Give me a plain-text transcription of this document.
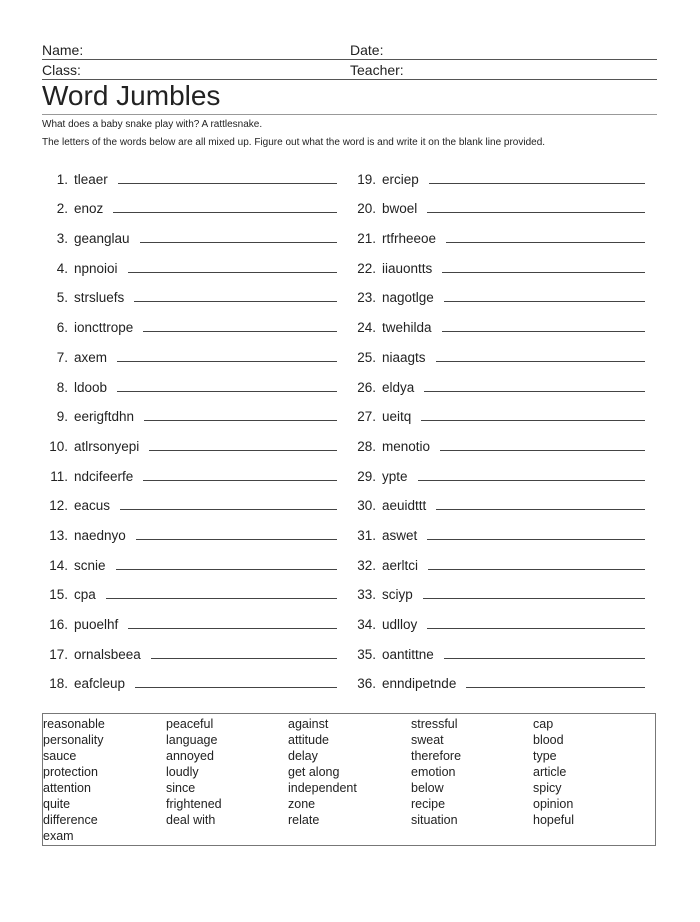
Name:	Date:
Class:	Teacher:
Word Jumbles
What does a baby snake play with? A rattlesnake.
The letters of the words below are all mixed up. Figure out what the word is and write it on the blank line provided.
1. tleaer
2. enoz
3. geanglau
4. npnoioi
5. strsluefs
6. ioncttrope
7. axem
8. ldoob
9. eerigftdhn
10. atlrsonyepi
11. ndcifeerfe
12. eacus
13. naednyo
14. scnie
15. cpa
16. puoelhf
17. ornalsbeea
18. eafcleup
19. erciep
20. bwoel
21. rtfrheeoe
22. iiauontts
23. nagotlge
24. twehilda
25. niaagts
26. eldya
27. ueitq
28. menotio
29. ypte
30. aeuidttt
31. aswet
32. aerltci
33. sciyp
34. udlloy
35. oantittne
36. enndipetnde
reasonable
personality
sauce
protection
attention
quite
difference
exam
peaceful
language
annoyed
loudly
since
frightened
deal with
against
attitude
delay
get along
independent
zone
relate
stressful
sweat
therefore
emotion
below
recipe
situation
cap
blood
type
article
spicy
opinion
hopeful
